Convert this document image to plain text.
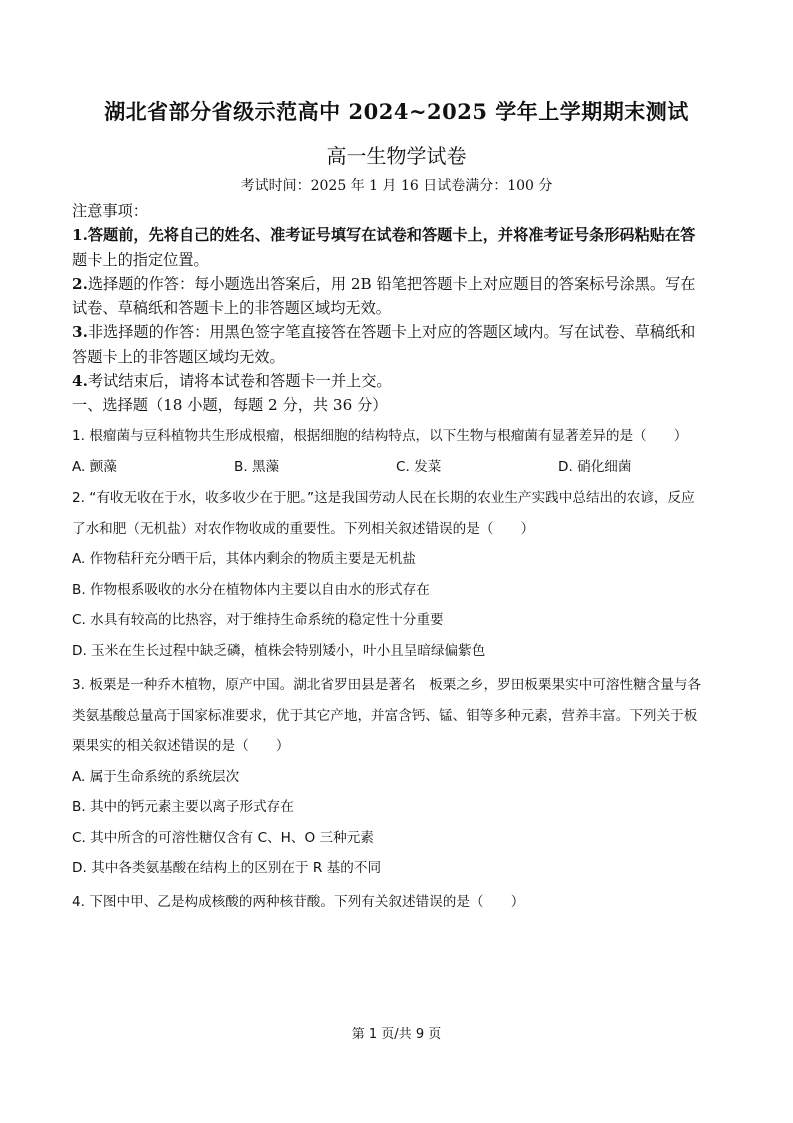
湖北省部分省级示范高中 2024~2025 学年上学期期末测试
高一生物学试卷
考试时间：2025 年 1 月 16 日试卷满分：100 分

注意事项：

1.答题前，先将自己的姓名、准考证号填写在试卷和答题卡上，并将准考证号条形码粘贴在答

题卡上的指定位置。

2.选择题的作答：每小题选出答案后，用 2B 铅笔把答题卡上对应题目的答案标号涂黑。写在

试卷、草稿纸和答题卡上的非答题区域均无效。

3.非选择题的作答：用黑色签字笔直接答在答题卡上对应的答题区域内。写在试卷、草稿纸和

答题卡上的非答题区域均无效。

4.考试结束后，请将本试卷和答题卡一并上交。

一、选择题（18 小题，每题 2 分，共 36 分）

1. 根瘤菌与豆科植物共生形成根瘤，根据细胞的结构特点，以下生物与根瘤菌有显著差异的是（　　）

A. 颤藻	B. 黑藻	C. 发菜	D. 硝化细菌

2. “有收无收在于水，收多收少在于肥。”这是我国劳动人民在长期的农业生产实践中总结出的农谚，反应

了水和肥（无机盐）对农作物收成的重要性。下列相关叙述错误的是（　　）

A. 作物秸秆充分晒干后，其体内剩余的物质主要是无机盐

B. 作物根系吸收的水分在植物体内主要以自由水的形式存在

C. 水具有较高的比热容，对于维持生命系统的稳定性十分重要

D. 玉米在生长过程中缺乏磷，植株会特别矮小，叶小且呈暗绿偏紫色

3. 板栗是一种乔木植物，原产中国。湖北省罗田县是著名　板栗之乡，罗田板栗果实中可溶性糖含量与各

类氨基酸总量高于国家标准要求，优于其它产地，并富含钙、锰、钼等多种元素，营养丰富。下列关于板

栗果实的相关叙述错误的是（　　）

A. 属于生命系统的系统层次

B. 其中的钙元素主要以离子形式存在

C. 其中所含的可溶性糖仅含有 C、H、O 三种元素

D. 其中各类氨基酸在结构上的区别在于 R 基的不同

4. 下图中甲、乙是构成核酸的两种核苷酸。下列有关叙述错误的是（　　）

第 1 页/共 9 页
